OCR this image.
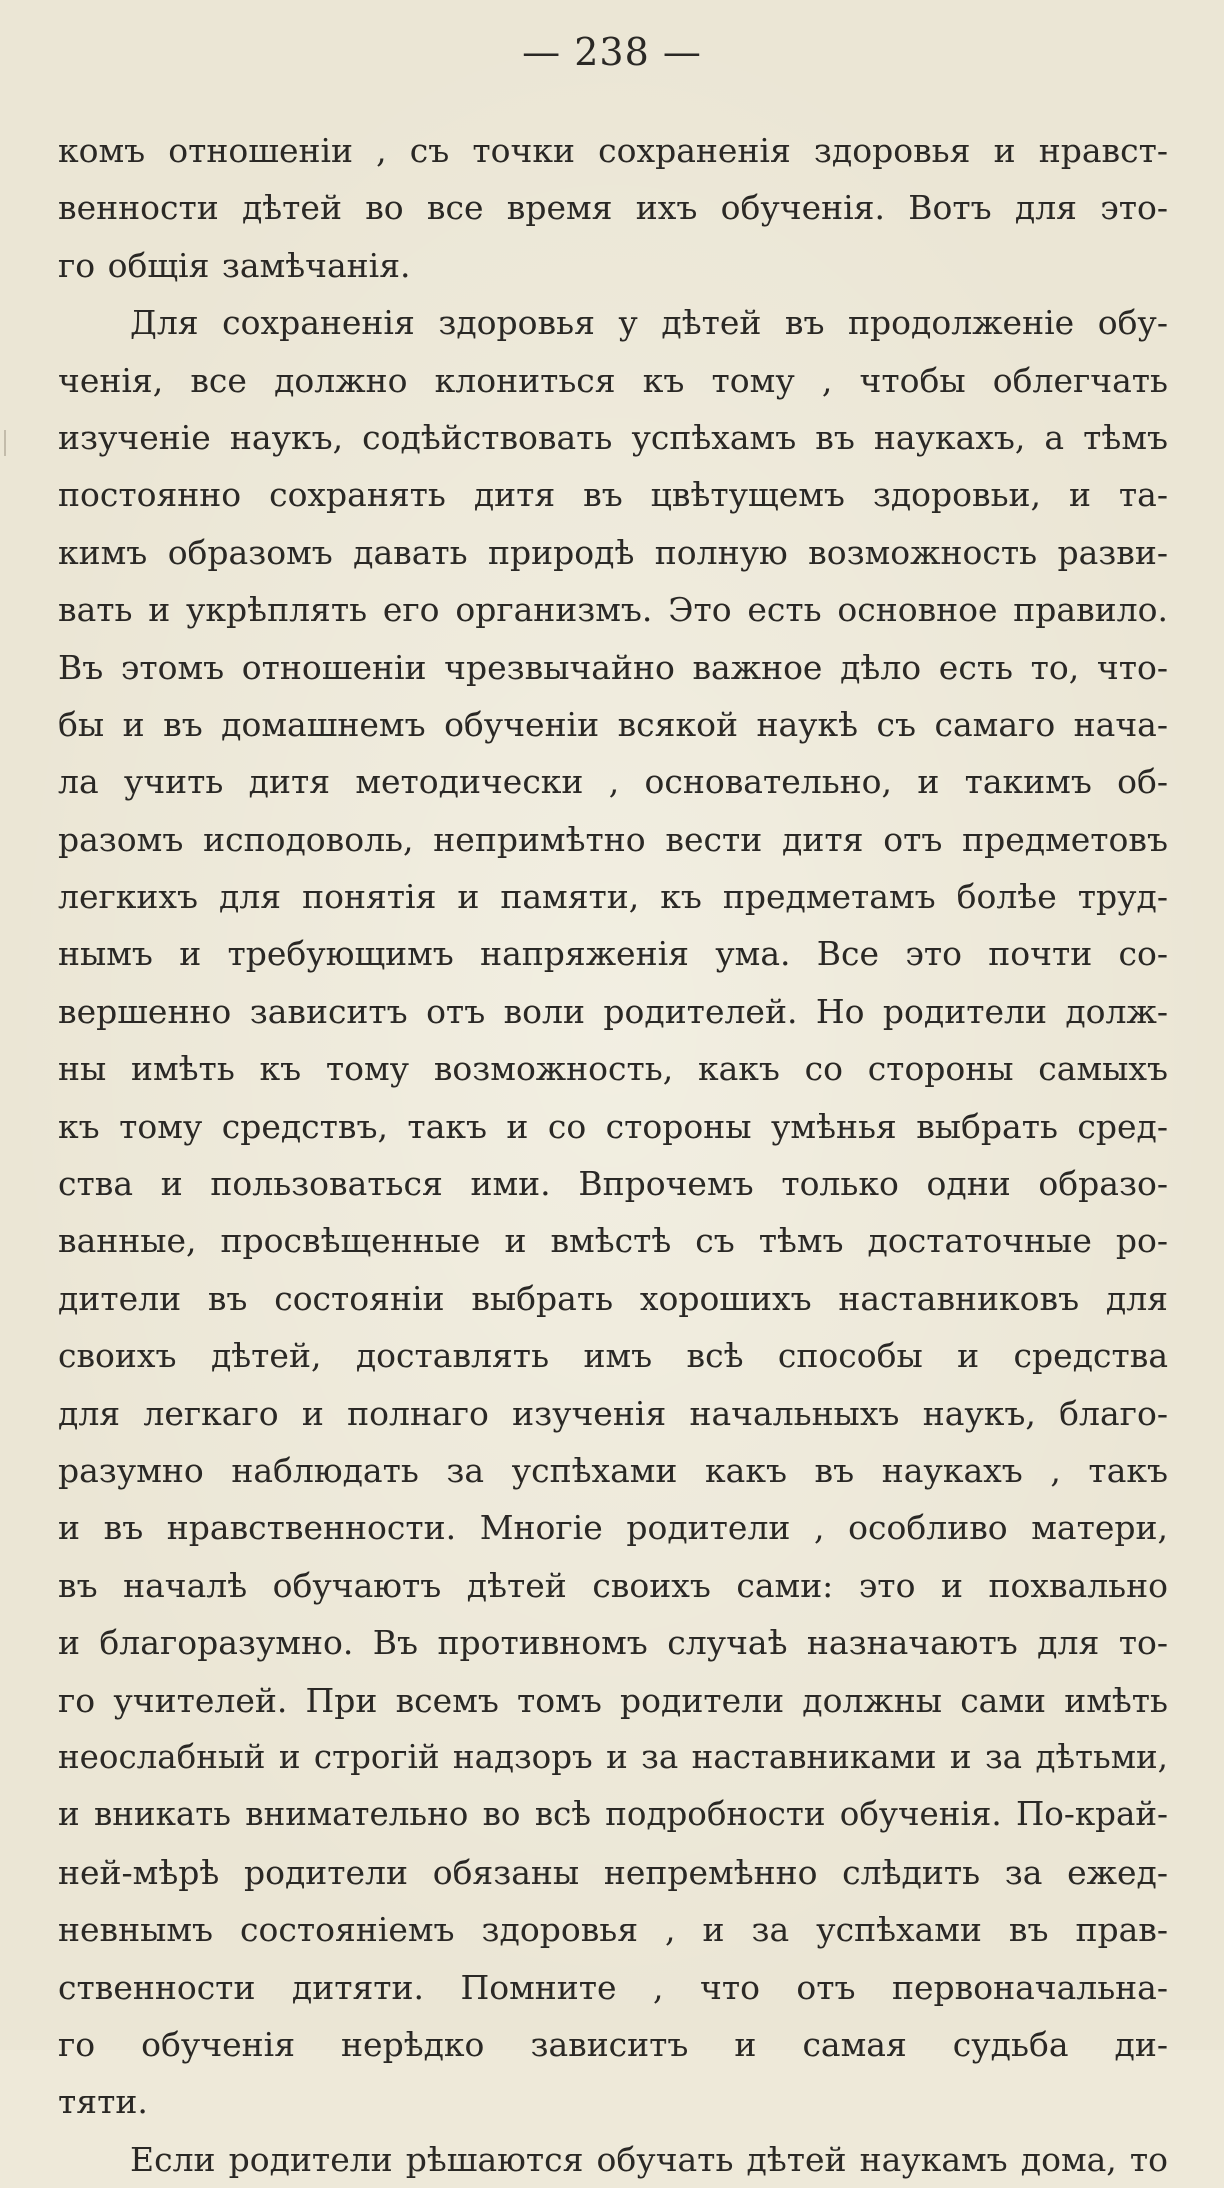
— 238 —
комъ отношеніи , съ точки сохраненія здоровья и нравст-
венности дѣтей во все время ихъ обученія. Вотъ для это-
го общія замѣчанія.
Для сохраненія здоровья у дѣтей въ продолженіе обу-
ченія, все должно клониться къ тому , чтобы облегчать
изученіе наукъ, содѣйствовать успѣхамъ въ наукахъ, а тѣмъ
постоянно сохранять дитя въ цвѣтущемъ здоровьи, и та-
кимъ образомъ давать природѣ полную возможность разви-
вать и укрѣплять его организмъ. Это есть основное правило.
Въ этомъ отношеніи чрезвычайно важное дѣло есть то, что-
бы и въ домашнемъ обученіи всякой наукѣ съ самаго нача-
ла учить дитя методически , основательно, и такимъ об-
разомъ исподоволь, непримѣтно вести дитя отъ предметовъ
легкихъ для понятія и памяти, къ предметамъ болѣе труд-
нымъ и требующимъ напряженія ума. Все это почти со-
вершенно зависитъ отъ воли родителей. Но родители долж-
ны имѣть къ тому возможность, какъ со стороны самыхъ
къ тому средствъ, такъ и со стороны умѣнья выбрать сред-
ства и пользоваться ими. Впрочемъ только одни образо-
ванные, просвѣщенные и вмѣстѣ съ тѣмъ достаточные ро-
дители въ состояніи выбрать хорошихъ наставниковъ для
своихъ дѣтей, доставлять имъ всѣ способы и средства
для легкаго и полнаго изученія начальныхъ наукъ, благо-
разумно наблюдать за успѣхами какъ въ наукахъ , такъ
и въ нравственности. Многіе родители , особливо матери,
въ началѣ обучаютъ дѣтей своихъ сами: это и похвально
и благоразумно. Въ противномъ случаѣ назначаютъ для то-
го учителей. При всемъ томъ родители должны сами имѣть
неослабный и строгій надзоръ и за наставниками и за дѣтьми,
и вникать внимательно во всѣ подробности обученія. По-край-
ней-мѣрѣ родители обязаны непремѣнно слѣдить за ежед-
невнымъ состояніемъ здоровья , и за успѣхами въ прав-
ственности дитяти. Помните , что отъ первоначальна-
го обученія нерѣдко зависитъ и самая судьба ди-
тяти.
Если родители рѣшаются обучать дѣтей наукамъ дома, то
